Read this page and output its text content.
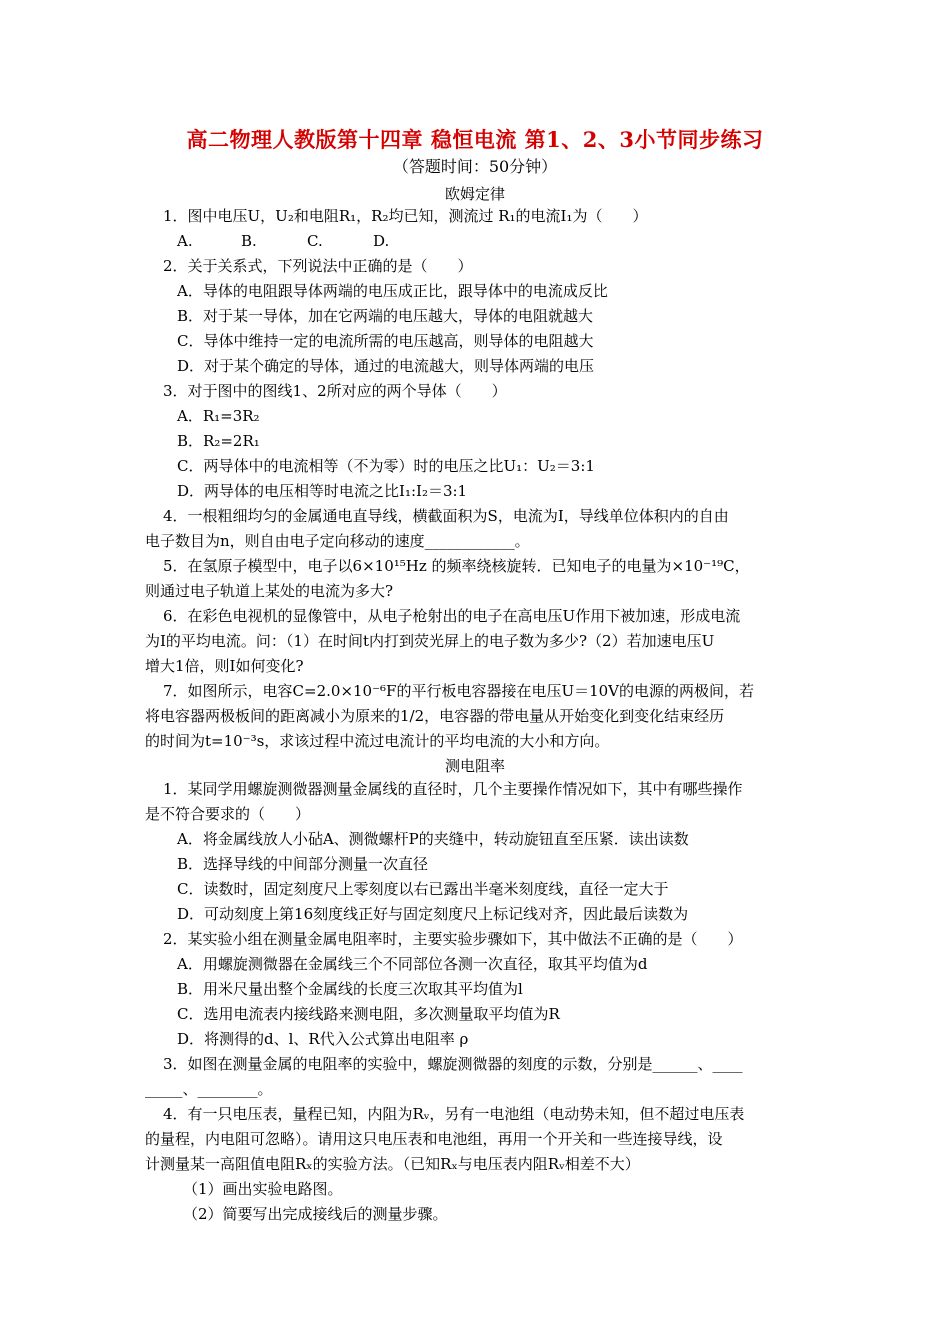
高二物理人教版第十四章 稳恒电流 第1、2、3小节同步练习
（答题时间：50分钟）
欧姆定律
1．图中电压U，U₂和电阻R₁，R₂均已知，测流过 R₁的电流I₁为（　　）
A.	B.	C.	D.
2．关于关系式，下列说法中正确的是（　　）
A．导体的电阻跟导体两端的电压成正比，跟导体中的电流成反比
B．对于某一导体，加在它两端的电压越大，导体的电阻就越大
C．导体中维持一定的电流所需的电压越高，则导体的电阻越大
D．对于某个确定的导体，通过的电流越大，则导体两端的电压
3．对于图中的图线1、2所对应的两个导体（　　）
A．R₁=3R₂
B．R₂=2R₁
C．两导体中的电流相等（不为零）时的电压之比U₁：U₂＝3:1
D．两导体的电压相等时电流之比I₁:I₂＝3:1
4．一根粗细均匀的金属通电直导线，横截面积为S，电流为I，导线单位体积内的自由
电子数目为n，则自由电子定向移动的速度____________。
5．在氢原子模型中，电子以6×10¹⁵Hz 的频率绕核旋转．已知电子的电量为×10⁻¹⁹C，
则通过电子轨道上某处的电流为多大?
6．在彩色电视机的显像管中，从电子枪射出的电子在高电压U作用下被加速，形成电流
为I的平均电流。问：（1）在时间t内打到荧光屏上的电子数为多少?（2）若加速电压U
增大1倍，则I如何变化?
7．如图所示，电容C=2.0×10⁻⁶F的平行板电容器接在电压U＝10V的电源的两极间，若
将电容器两极板间的距离减小为原来的1/2，电容器的带电量从开始变化到变化结束经历
的时间为t=10⁻³s，求该过程中流过电流计的平均电流的大小和方向。
测电阻率
1．某同学用螺旋测微器测量金属线的直径时，几个主要操作情况如下，其中有哪些操作
是不符合要求的（　　）
A．将金属线放人小砧A、测微螺杆P的夹缝中，转动旋钮直至压紧．读出读数
B．选择导线的中间部分测量一次直径
C．读数时，固定刻度尺上零刻度以右已露出半毫米刻度线，直径一定大于
D．可动刻度上第16刻度线正好与固定刻度尺上标记线对齐，因此最后读数为
2．某实验小组在测量金属电阻率时，主要实验步骤如下，其中做法不正确的是（　　）
A．用螺旋测微器在金属线三个不同部位各测一次直径，取其平均值为d
B．用米尺量出整个金属线的长度三次取其平均值为l
C．选用电流表内接线路来测电阻，多次测量取平均值为R
D．将测得的d、l、R代入公式算出电阻率 ρ
3．如图在测量金属的电阻率的实验中，螺旋测微器的刻度的示数，分别是______、____
_____、________。
4．有一只电压表，量程已知，内阻为Rᵥ，另有一电池组（电动势未知，但不超过电压表
的量程，内电阻可忽略）。请用这只电压表和电池组，再用一个开关和一些连接导线，设
计测量某一高阻值电阻Rₓ的实验方法。（已知Rₓ与电压表内阻Rᵥ相差不大）
（1）画出实验电路图。
（2）简要写出完成接线后的测量步骤。
